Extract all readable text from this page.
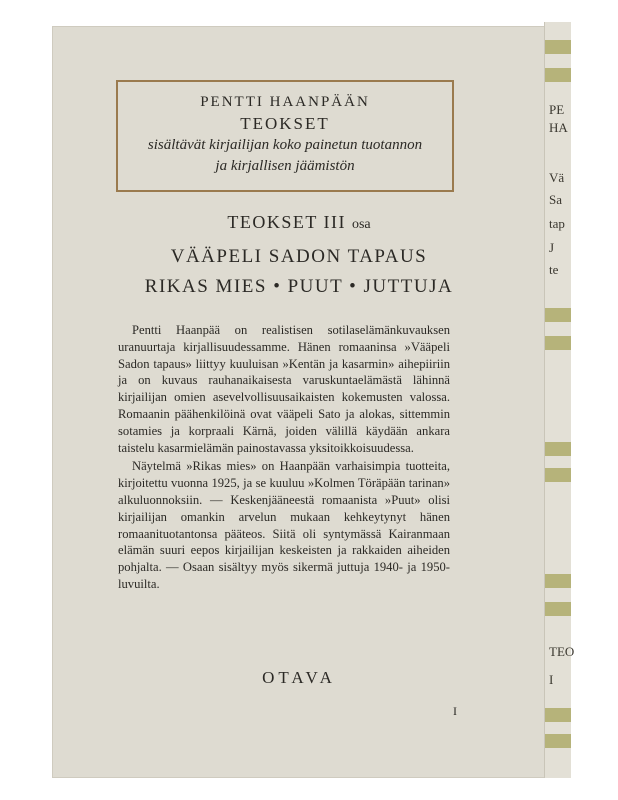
PE
HA
Vä
Sa
tap
J
te
TEO
I
PENTTI HAANPÄÄN
TEOKSET
sisältävät kirjailijan koko painetun tuotannon
ja kirjallisen jäämistön
TEOKSET III osa
VÄÄPELI SADON TAPAUS
RIKAS MIES • PUUT • JUTTUJA

Pentti Haanpää on realistisen sotilaselämänkuvauksen uranuurtaja kirjallisuudessamme. Hänen romaaninsa »Vääpeli Sadon tapaus» liittyy kuuluisan »Kentän ja kasarmin» aihepiiriin ja on kuvaus rauhanaikaisesta varuskuntaelämästä lähinnä kirjailijan omien asevelvollisuusaikaisten kokemusten valossa. Romaanin päähenkilöinä ovat vääpeli Sato ja alokas, sittemmin sotamies ja korpraali Kärnä, joiden välillä käydään ankara taistelu kasarmielämän painostavassa yksitoikkoisuudessa.

Näytelmä »Rikas mies» on Haanpään varhaisimpia tuotteita, kirjoitettu vuonna 1925, ja se kuuluu »Kolmen Töräpään tarinan» alkuluonnoksiin. — Keskenjääneestä romaanista »Puut» olisi kirjailijan omankin arvelun mukaan kehkeytynyt hänen romaanituotantonsa pääteos. Siitä oli syntymässä Kairanmaan elämän suuri eepos kirjailijan keskeisten ja rakkaiden aiheiden pohjalta. — Osaan sisältyy myös sikermä juttuja 1940- ja 1950-luvuilta.

OTAVA
I
